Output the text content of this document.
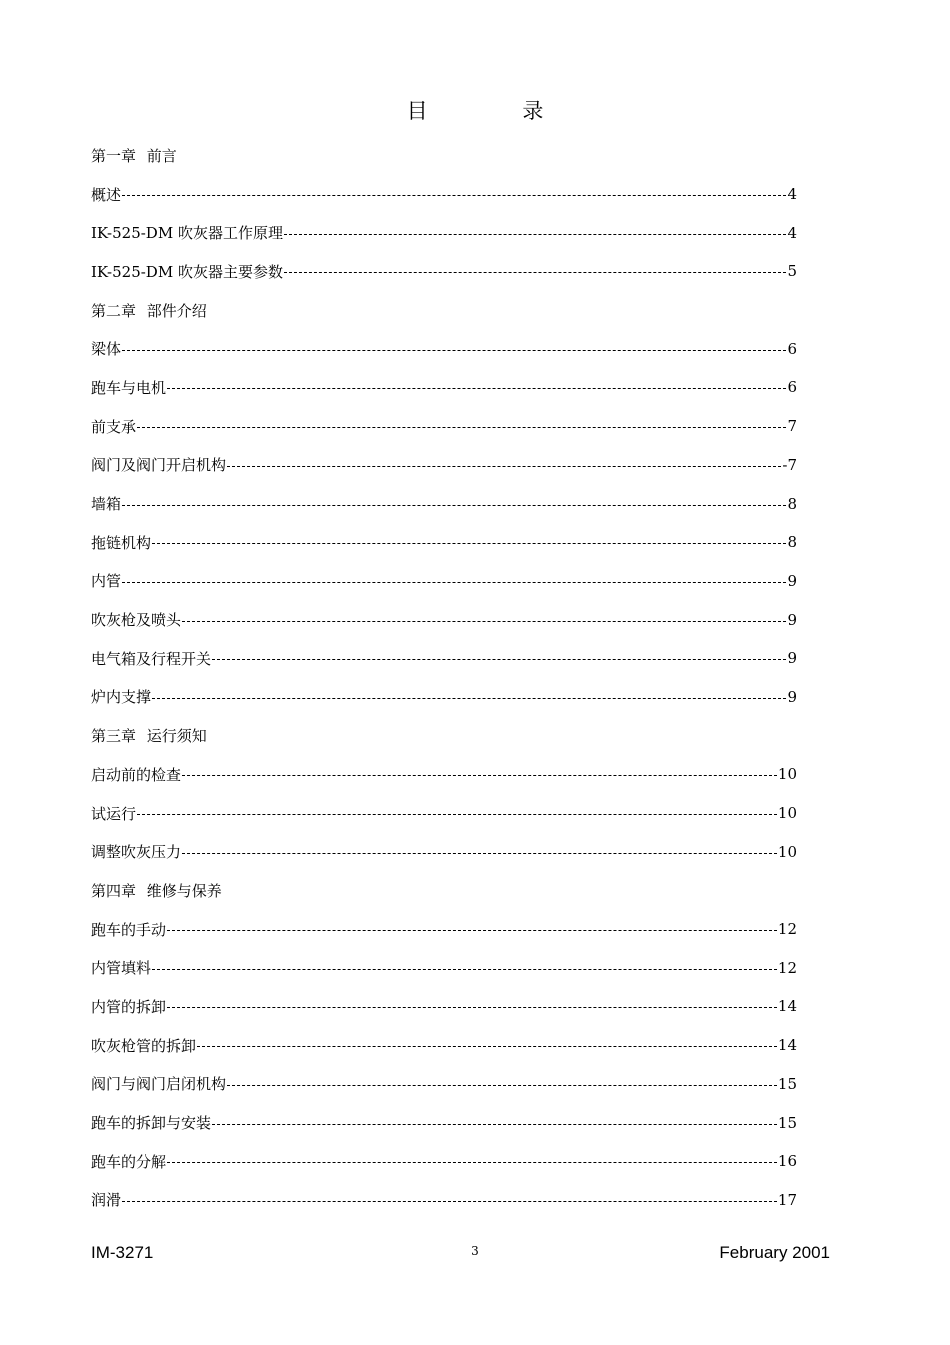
目 录
第一章 前言
概述	4
IK-525-DM 吹灰器工作原理	4
IK-525-DM 吹灰器主要参数	5
第二章 部件介绍
梁体	6
跑车与电机	6
前支承	7
阀门及阀门开启机构	-7
墙箱	8
拖链机构	8
内管	9
吹灰枪及喷头	9
电气箱及行程开关	9
炉内支撑	9
第三章 运行须知
启动前的检查	10
试运行	10
调整吹灰压力	10
第四章 维修与保养
跑车的手动	12
内管填料	12
内管的拆卸	14
吹灰枪管的拆卸	14
阀门与阀门启闭机构	15
跑车的拆卸与安装	15
跑车的分解	16
润滑	17
IM-3271	3	February 2001
